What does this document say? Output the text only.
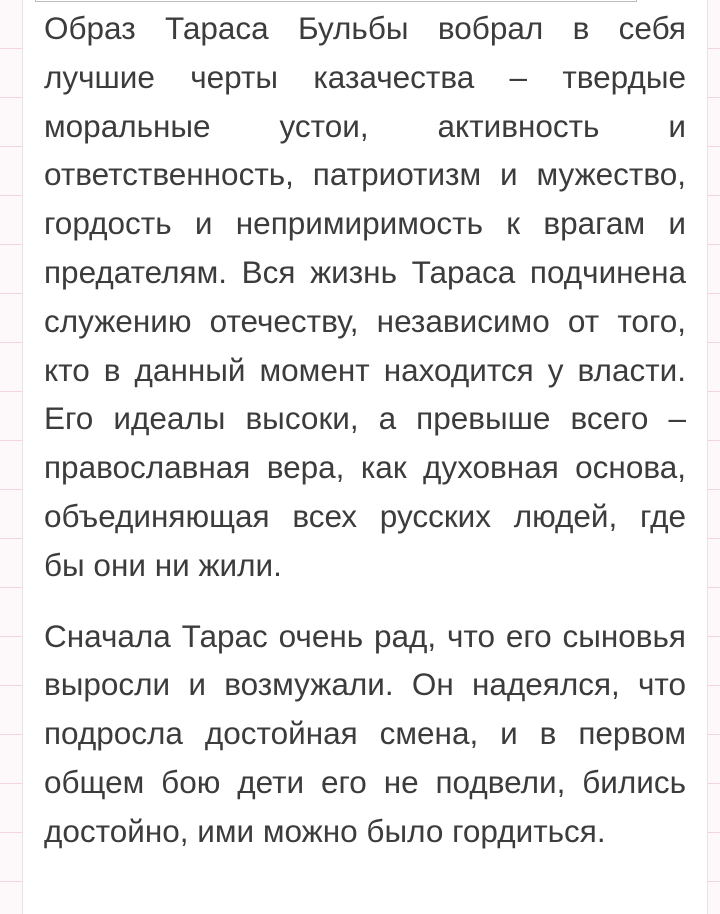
Образ Тараса Бульбы вобрал в себя
лучшие черты казачества – твердые
моральные устои, активность и
ответственность, патриотизм и мужество,
гордость и непримиримость к врагам и
предателям. Вся жизнь Тараса подчинена
служению отечеству, независимо от того,
кто в данный момент находится у власти.
Его идеалы высоки, а превыше всего –
православная вера, как духовная основа,
объединяющая всех русских людей, где
бы они ни жили.

Сначала Тарас очень рад, что его сыновья
выросли и возмужали. Он надеялся, что
подросла достойная смена, и в первом
общем бою дети его не подвели, бились
достойно, ими можно было гордиться.
